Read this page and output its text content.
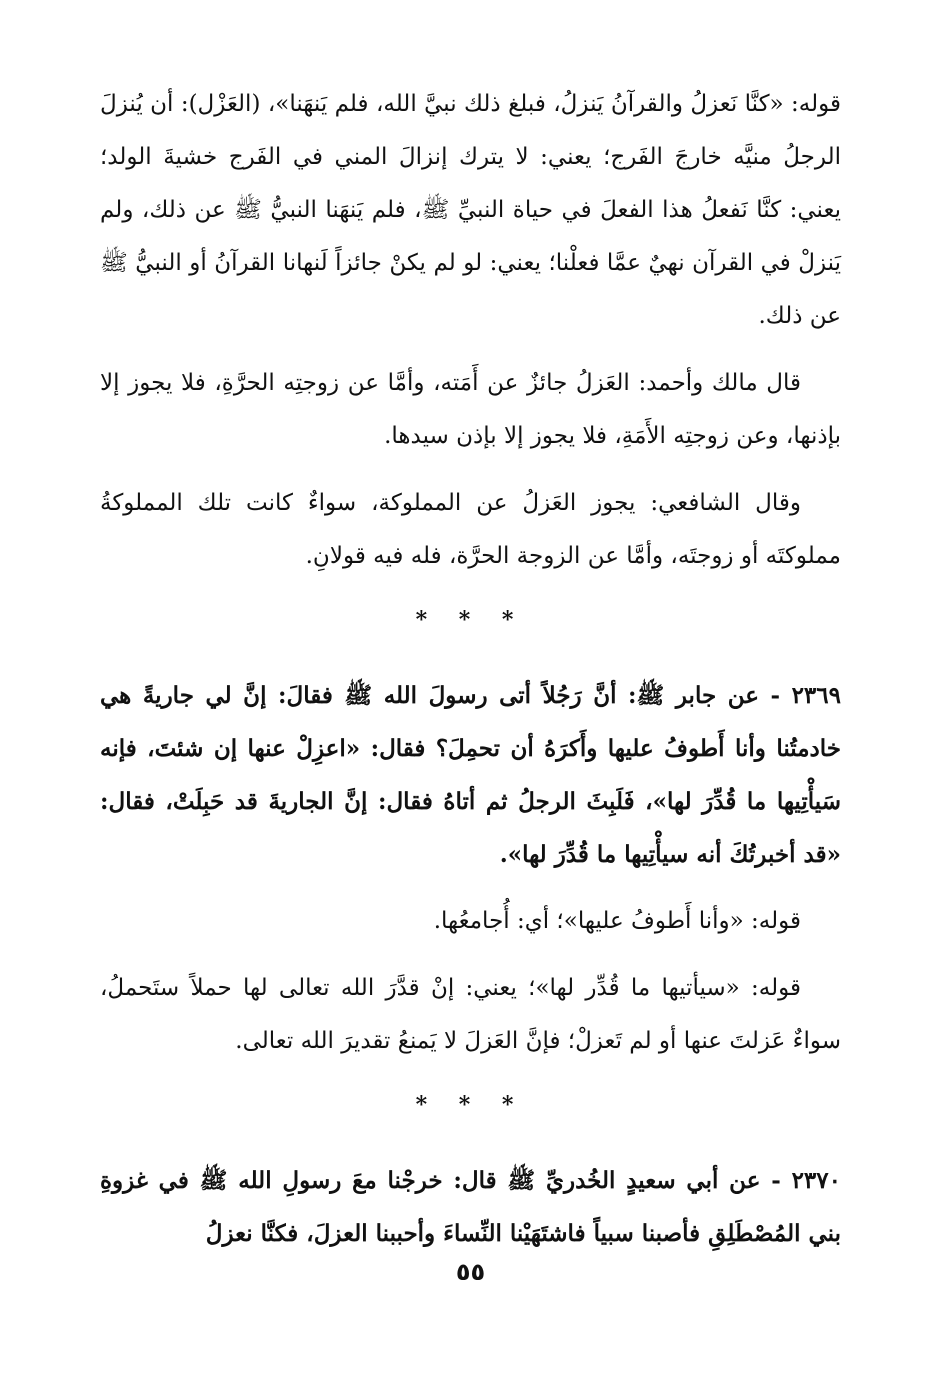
قوله: «كنَّا نَعزلُ والقرآنُ يَنزلُ، فبلغ ذلك نبيَّ الله، فلم يَنهَنا»، (العَزْل): أن يُنزلَ الرجلُ منيَّه خارجَ الفَرج؛ يعني: لا يترك إنزالَ المني في الفَرج خشيةَ الولد؛ يعني: كنَّا نَفعلُ هذا الفعلَ في حياة النبيِّ ﷺ، فلم يَنهَنا النبيُّ ﷺ عن ذلك، ولم يَنزلْ في القرآن نهيٌ عمَّا فعلْنا؛ يعني: لو لم يكنْ جائزاً لَنهانا القرآنُ أو النبيُّ ﷺ عن ذلك.

قال مالك وأحمد: العَزلُ جائزٌ عن أَمَته، وأمَّا عن زوجتِه الحرَّةِ، فلا يجوز إلا بإذنها، وعن زوجتِه الأَمَةِ، فلا يجوز إلا بإذن سيدها.

وقال الشافعي: يجوز العَزلُ عن المملوكة، سواءٌ كانت تلك المملوكةُ مملوكتَه أو زوجتَه، وأمَّا عن الزوجة الحرَّة، فله فيه قولانِ.

* * *

٢٣٦٩ - عن جابر ﷺ: أنَّ رَجُلاً أتى رسولَ الله ﷺ فقالَ: إنَّ لي جاريةً هي خادمتُنا وأنا أَطوفُ عليها وأَكرَهُ أن تحمِلَ؟ فقال: «اعزِلْ عنها إن شئتَ، فإنه سَيأْتِيها ما قُدِّرَ لها»، فَلَبِثَ الرجلُ ثم أتاهُ فقال: إنَّ الجاريةَ قد حَبِلَتْ، فقال: «قد أخبرتُكَ أنه سيأْتِيها ما قُدِّرَ لها».

قوله: «وأنا أَطوفُ عليها»؛ أي: أُجامعُها.

قوله: «سيأتيها ما قُدِّر لها»؛ يعني: إنْ قدَّرَ الله تعالى لها حملاً ستَحملُ، سواءٌ عَزلتَ عنها أو لم تَعزلْ؛ فإنَّ العَزلَ لا يَمنعُ تقديرَ الله تعالى.

* * *

٢٣٧٠ - عن أبي سعيدٍ الخُدريِّ ﷺ قال: خرجْنا معَ رسولِ الله ﷺ في غزوةِ بني المُصْطَلِقِ فأصبنا سبياً فاشتَهَيْنا النِّساءَ وأحببنا العزلَ، فكنَّا نعزلُ

٥٥
